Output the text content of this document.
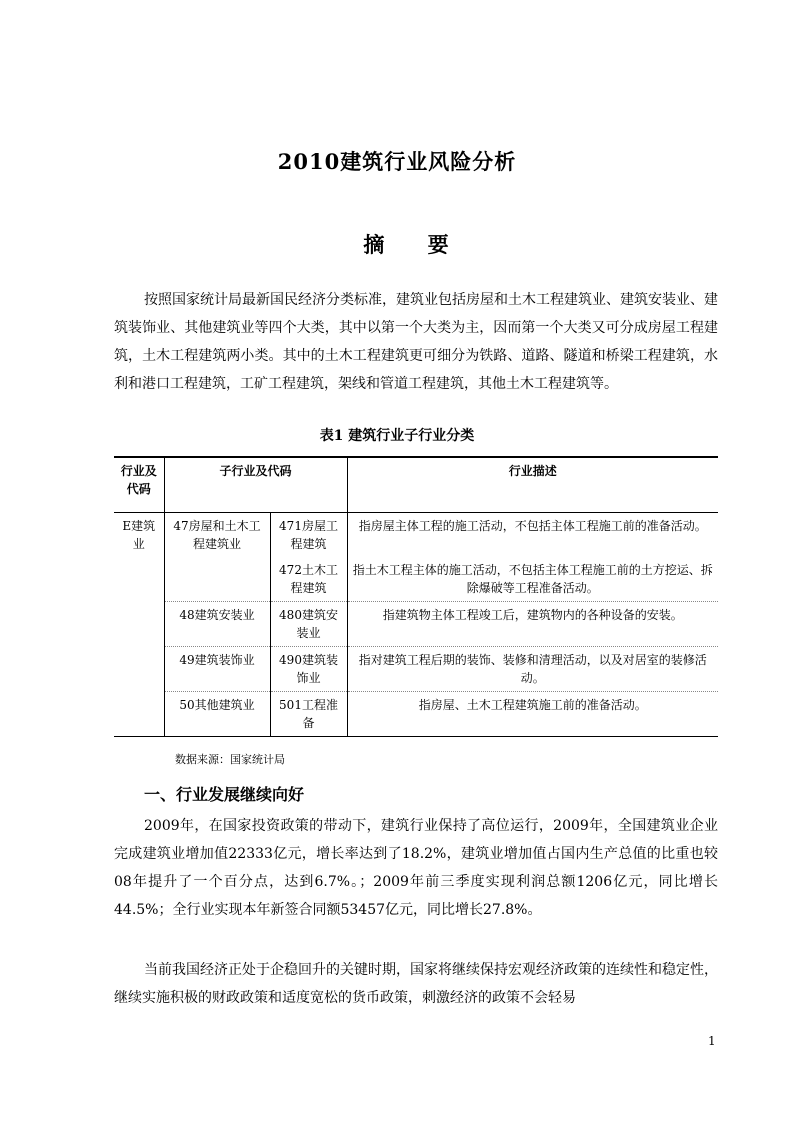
2010建筑行业风险分析
摘 要

按照国家统计局最新国民经济分类标准，建筑业包括房屋和土木工程建筑业、建筑安装业、建筑装饰业、其他建筑业等四个大类，其中以第一个大类为主，因而第一个大类又可分成房屋工程建筑，土木工程建筑两小类。其中的土木工程建筑更可细分为铁路、道路、隧道和桥梁工程建筑，水利和港口工程建筑，工矿工程建筑，架线和管道工程建筑，其他土木工程建筑等。

表1 建筑行业子行业分类
行业及代码	子行业及代码		行业描述
E建筑业	47房屋和土木工程建筑业	471房屋工程建筑	指房屋主体工程的施工活动，不包括主体工程施工前的准备活动。
		472土木工程建筑	指土木工程主体的施工活动，不包括主体工程施工前的土方挖运、拆除爆破等工程准备活动。
	48建筑安装业	480建筑安装业	指建筑物主体工程竣工后，建筑物内的各种设备的安装。
	49建筑装饰业	490建筑装饰业	指对建筑工程后期的装饰、装修和清理活动，以及对居室的装修活动。
	50其他建筑业	501工程准备	指房屋、土木工程建筑施工前的准备活动。
数据来源：国家统计局
一、行业发展继续向好

2009年，在国家投资政策的带动下，建筑行业保持了高位运行，2009年，全国建筑业企业完成建筑业增加值22333亿元，增长率达到了18.2%，建筑业增加值占国内生产总值的比重也较08年提升了一个百分点，达到6.7%。；2009年前三季度实现利润总额1206亿元，同比增长44.5%；全行业实现本年新签合同额53457亿元，同比增长27.8%。

当前我国经济正处于企稳回升的关键时期，国家将继续保持宏观经济政策的连续性和稳定性，继续实施积极的财政政策和适度宽松的货币政策，刺激经济的政策不会轻易

1
